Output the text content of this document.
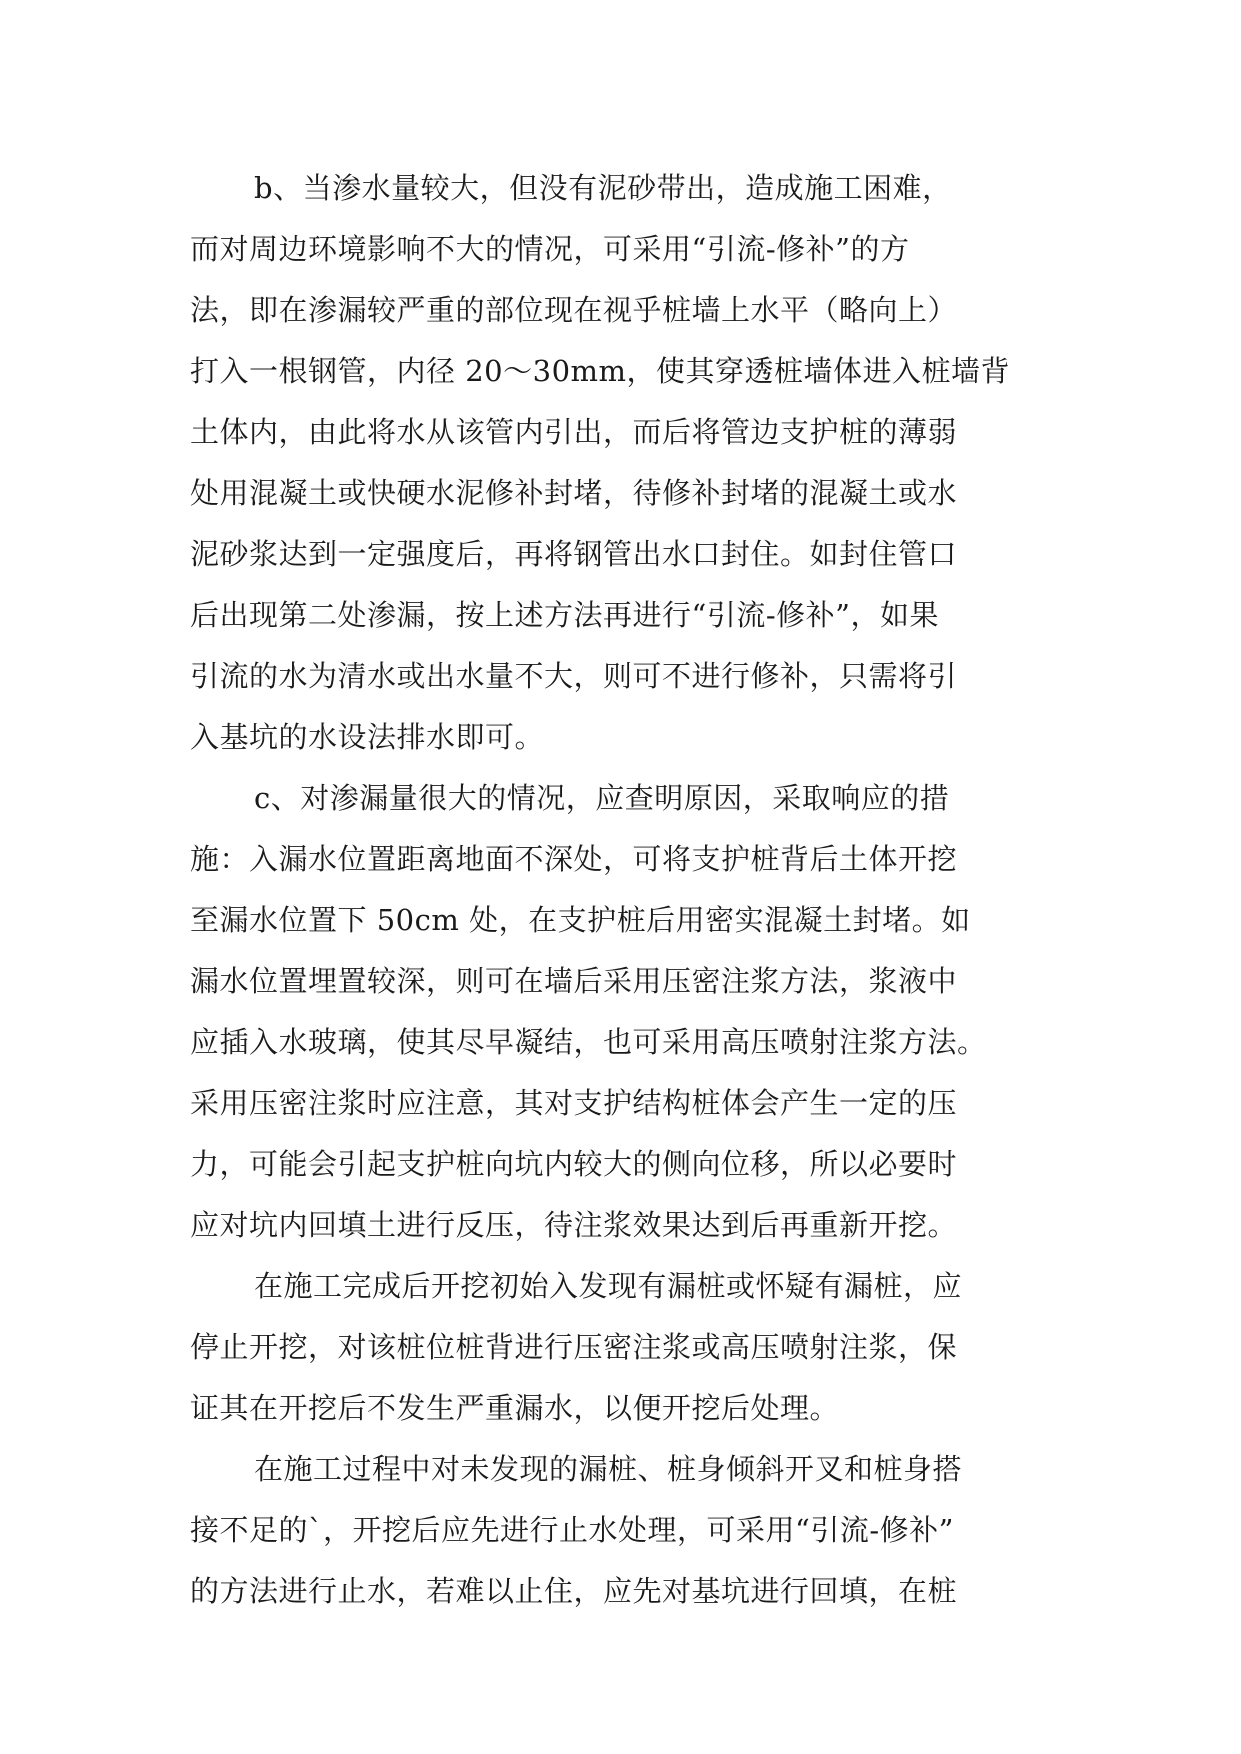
b、当渗水量较大，但没有泥砂带出，造成施工困难，
而对周边环境影响不大的情况，可采用“引流-修补”的方
法，即在渗漏较严重的部位现在视乎桩墙上水平（略向上）
打入一根钢管，内径 20～30mm，使其穿透桩墙体进入桩墙背
土体内，由此将水从该管内引出，而后将管边支护桩的薄弱
处用混凝土或快硬水泥修补封堵，待修补封堵的混凝土或水
泥砂浆达到一定强度后，再将钢管出水口封住。如封住管口
后出现第二处渗漏，按上述方法再进行“引流-修补”，如果
引流的水为清水或出水量不大，则可不进行修补，只需将引
入基坑的水设法排水即可。
c、对渗漏量很大的情况，应查明原因，采取响应的措
施：入漏水位置距离地面不深处，可将支护桩背后土体开挖
至漏水位置下 50cm 处，在支护桩后用密实混凝土封堵。如
漏水位置埋置较深，则可在墙后采用压密注浆方法，浆液中
应插入水玻璃，使其尽早凝结，也可采用高压喷射注浆方法。
采用压密注浆时应注意，其对支护结构桩体会产生一定的压
力，可能会引起支护桩向坑内较大的侧向位移，所以必要时
应对坑内回填土进行反压，待注浆效果达到后再重新开挖。
在施工完成后开挖初始入发现有漏桩或怀疑有漏桩，应
停止开挖，对该桩位桩背进行压密注浆或高压喷射注浆，保
证其在开挖后不发生严重漏水，以便开挖后处理。
在施工过程中对未发现的漏桩、桩身倾斜开叉和桩身搭
接不足的`，开挖后应先进行止水处理，可采用“引流-修补”
的方法进行止水，若难以止住，应先对基坑进行回填，在桩
